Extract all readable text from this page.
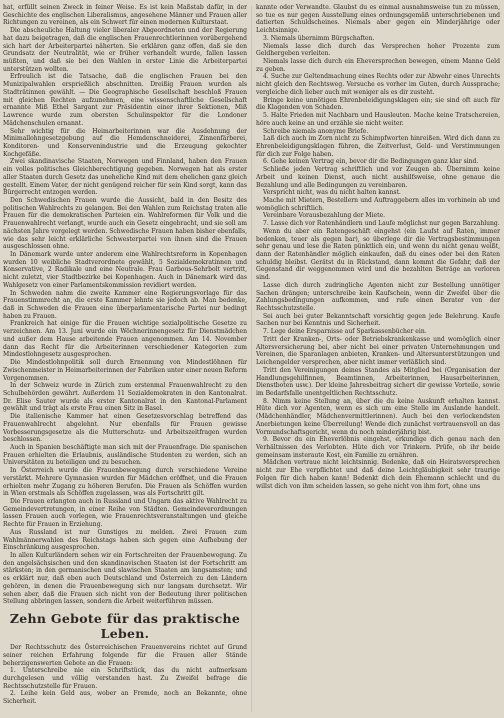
hat, erfüllt seinen Zweck in feiner Weise. Es ist kein Maßstab dafür, in der Geschichte des englischen Liberalismus, angesehene Männer und Frauen aller Richtungen zu vereinen, als ein Schwert für einen modernen Kulturstaat.

Die abscheuliche Haltung vieler liberaler Abgeordneten und der Regierung hat dazu beigetragen, daß die englischen Frauenrechtlerinnen vorübergehend sich hart der Arbeiterpartei näherten. Sie erklären ganz offen, daß sie den Grundsatz der Neutralität, wie er früher verhandelt wurde, fallen lassen müßten, und daß sie bei den Wahlen in erster Linie die Arbeiterpartei unterstützen wollten.

Erfreulich ist die Tatsache, daß die englischen Frauen bei den Munizipalwahlen ersprießlich abschnitten. Dreißig Frauen wurden als Stadträtinnen gewählt. — Die Geographische Gesellschaft beschloß Frauen mit gleichen Rechten aufzunehmen, eine wissenschaftliche Gesellschaft ernannte Miß Ethel Sargant zur Präsidentin einer ihrer Sektionen, Miß Lawrence wurde zum obersten Schulinspektor für die Londoner Mädchenschulen ernannt.

Sehr wichtig für die Heimarbeiterinnen war die Ausdehnung der Minimallohngesetzgebung auf die Hemdenschneiderei, Zinnenfärberei, Konditoren- und Konservenindustrie und die Erzeugung gekochter Kochgefäße.

Zwei skandinavische Staaten, Norwegen und Finnland, haben den Frauen ein volles politisches Gleichberechtigung gegeben. Norwegen hat als erster aller Staaten durch Gesetz das uneheliche Kind mit dem ehelichen ganz gleich gestellt. Einem Vater, der nicht genügend reicher für sein Kind sorgt, kann das Bürgerrecht entzogen werden.

Den Schwedischen Frauen wurde die Aussicht, bald in den Besitz des politischen Wahlrechts zu gelangen. Bei den Wahlen zum Reichstag traten alle Frauen für die demokratischen Parteien ein. Wahlreformen für Volk und die Frauenwahlrecht verlangt, wurde auch ein Gesetz eingebracht, und sie soll am nächsten Jahre vorgelegt werden. Schwedische Frauen haben bisher ebenfalls, wie das sehr leicht erklärliche Schwesterpartei von ihnen sind die Frauen ausgeschlossen ohne.

In Dänemark wurde unter anderem eine Wahlrechtsreform in Kopenhagen wurden 10 weibliche Stadtverordnete gewählt, 5 Sozialdemokratinnen und Konservative, 2 Radikale und eine Neutrale. Frau Garbous-Sehrbolt vertritt, nicht zuletzt, vier Stadtbezirke bei Kopenhagen. Auch in Dänemark wird das Wahlgesetz von einer Parlamentskommission revidiert werden.

In Schweden nahm die zweite Kammer eine Regierungsvorlage für das Frauenstimmrecht an, die erste Kammer lehnte sie jedoch ab. Man bedenke, daß in Schweden die Frauen eine überparlamentarische Partei nur bedingt haben zu Frauen.

Frankreich hat einige für die Frauen wichtige sozialpolitische Gesetze zu verzeichnen. Am 13. Juni wurde ein Wöchnerinnengesetz für Dienstmädchen und außer dem Hause arbeitende Frauen angenommen. Am 14. November dann das Recht für die Arbeiterinnen verschiedener Kategorien zum Mindestlohngesetz ausgesprochen.

Die Mindestlohnpolitik soll durch Ernennung von Mindestlöhnen für Zwischenmeister in Heimarbeiterinnen der Fabriken unter einer neuen Reform Vorgenommen.

In der Schweiz wurde in Zürich zum erstenmal Frauenwahlrecht zu den Schulbehörden gewährt. Außerdem 11 Sozialdemokraten in den Kantonalrat. Dr. Elise Sauter wurde als erster Kantonalrat in den Kantonal-Parlament gewählt und trägt als erste Frau einen Sitz in Basel.

Die italienische Kammer hat einen Gesetzesvorschlag betreffend das Frauenwahlrecht abgelehnt. Nur ebenfalls für Frauen gewisse Vorbesserungsgesetze als die Mutterschutz- und Arbeitszeitfragen wurden beschlossen.

Auch in Spanien beschäftigte man sich mit der Frauenfrage. Die spanischen Frauen erhielten die Erlaubnis, ausländische Studenten zu werden, sich an Universitäten zu beteiligen und zu besuchen.

In Österreich wurde die Frauenbewegung durch verschiedene Vereine verstärkt. Mehrere Gymnasien wurden für Mädchen eröffnet, und die Frauen erhielten mehr Zugang zu höheren Berufen. Die Frauen als Schöffen wurden in Wien erstmals als Schöffen zugelassen, was als Fortschritt gilt.

Die Frauen erlangten auch in Russland und Ungarn das aktive Wahlrecht zu Gemeindevertretungen, in einer Reihe von Städten. Gemeindeverordnungen lassen Frauen auch vorlegen, wie Frauenrechtsveranstaltungen und gleiche Rechte für Frauen in Erziehung.

Aus Russland ist nur Gunstiges zu melden. Zwei Frauen zum Wahlmännerwahlen des Reichstags haben sich gegen eine Aufhebung der Einschränkung ausgesprochen.

In allen Kulturländern sehen wir ein Fortschreiten der Frauenbewegung. Zu den angelsächsischen und den skandinavischen Staaten ist der Fortschritt am stärksten; in den germanischen und slawischen Staaten am langsamsten; und es erklärt nur, daß eben auch Deutschland und Österreich zu den Ländern gehören, in denen die Frauenbewegung sich nur langsam durchsetzt. Wir sehen aber, daß die Frauen sich nicht von der Bedeutung ihrer politischen Stellung abbringen lassen, sondern die Arbeit weiterführen müssen.

Zehn Gebote für das praktische Leben.

Der Rechtsschutz des Österreichischen Frauenvereins richtet auf Grund seiner reichen Erfahrung folgende für die Frauen aller Stände beherzigenswerten Gebote an die Frauen:

1. Unterschreibe nie ein Schriftstück, das du nicht aufmerksam durchgelesen und völlig verstanden hast. Zu Zweifel befrage die Rechtsschutzstelle für Frauen.
2. Leihe kein Geld aus, wober an Fremde, noch an Bekannte, ohne Sicherheit.

kannte oder Verwandte. Glaubst du es einmal ausnahmsweise tun zu müssen, so tue es nur gegen Ausstellung eines ordnungsgemäß unterschriebenen und datierten Schuldscheines. Niemals aber gegen ein Minderjährige oder Leichtsinnige.

3. Niemals übernimm Bürgschaften.

Niemals lasse dich durch das Versprechen hoher Prozente zum Geldhergeben verleiten.

Niemals lasse dich durch ein Eheversprechen bewegen, einem Manne Geld zu geben.

4. Suche zur Geltendmachung eines Rechts oder zur Abwehr eines Unrechts nicht gleich den Rechtsweg. Versuche es vorher im Guten, durch Aussprache; vergleiche dich lieber auch mit weniger als es dir zusteht.

Bringe keine unnötigen Ehrenbeleidigungsklagen ein; sie sind oft auch für die Klagenden von Schaden.

5. Halte Frieden mit Nachbarn und Hausleuten. Mache keine Tratschereien, höre auch keine an und erzähle sie nicht weiter.

Schreibe niemals anonyme Briefe.

Laß dich auch im Zorn nicht zu Schimpfworten hinreißen. Wird dich dann zu Ehrenbeleidigungsklagen führen, die Zeitverlust, Geld- und Verstimmungen für dich zur Folge haben.

6. Gehe keinen Vertrag ein, bevor dir die Bedingungen ganz klar sind.

Schließe jeden Vertrag schriftlich und vor Zeugen ab. Übernimm keine Arbeit und keinen Dienst, auch nicht aushilfsweise, ohne genaue die Bezahlung und alle Bedingungen zu vereinbaren.

Verspricht nicht, was du nicht halten kannst.

Mache mit Mietern, Bestellern und Auftraggebern alles im vorhinein ab und womöglich schriftlich.

Vereinbare Vorausbezahlung der Miete.

7. Lasse dich vor Ratenhändlern und Laufe möglichst nur gegen Barzahlung.

Wenn du aber ein Ratengeschäft eingehst (ein Laufst auf Raten, immer bedenken, teuer als gegen bar), so überlege dir die Vertragsbestimmungen sehr genau und lese die Raten pünktlich ein, und wenn du nicht genau weißt, dann der Ratenhändler möglich einkaufen, daß du eines oder bei den Raten schuldig bleibst. Gerätst du in Rückstand, dann kommt die Gefahr, daß der Gegenstand dir weggenommen wird und die bezahlten Beträge an verloren sind.

Lasse dich durch zudringliche Agenten nicht zur Bestellung unnötiger Sachen drängen; unterschreibe kein Kaufschein, wenn dir Zweifel über die Zahlungsbedingungen aufkommen, und rufe einen Berater von der Rechtsschutzstelle.

Sei auch bei guter Bekanntschaft vorsichtig gegen jede Belehrung. Kaufe Sachen nur bei Kenntnis und Sicherheit.

7. Lege deine Ersparnisse auf Sparkassenbücher ein.

Tritt der Kranken-, Orts- oder Betriebskrankenkasse und womöglich einer Altersversicherung bei, aber nicht bei einer privaten Unternehmungen und Vereinen, die Sparanlagen anbieten, Kranken- und Altersunterstützungen und Leichengelder versprechen, aber nicht immer verläßlich sind.

Tritt den Vereinigungen deines Standes als Mitglied bei (Organisation der Handlungsgehilfinnen, Beamtinnen, Arbeiterinnen, Hausarbeiterinnen, Dienstboten usw.). Der kleine Jahresbeitrag sichert dir gewisse Vorteile, sowie im Bedarfsfalle unentgeltlichen Rechtsschutz.

8. Nimm keine Stellung an, über die du keine Auskunft erhalten kannst. Hüte dich vor Agenten, wenn es sich um eine Stelle im Auslande handelt. (Mädchenhändler, Mädchenvermittlerinnen). Auch bei den verlockendsten Anerbietungen keine Überreilung! Wende dich zunächst vertrauensvoll an das Vormundschaftsgericht, wenn du noch minderjährig bist.

9. Bevor du ein Eheverlöbnis eingehst, erkundige dich genau nach den Verhältnissen des Verlobten. Hüte dich vor Trinkern. Prüfe, ob ihr beide gemeinsam insteraute Kost, ein Familie zu ernähren.

Mädchen vertraue nicht leichtsinnig. Bedenke, daß ein Heiratsversprechen nicht zur Ehe verpflichtet und daß deine Leichtgläubigkeit sehr traurige Folgen für dich haben kann! Bedenkt dich dein Ehemann schlecht und du willst dich von ihm scheiden lassen, so gehe nicht von ihm fort, ohne uns
